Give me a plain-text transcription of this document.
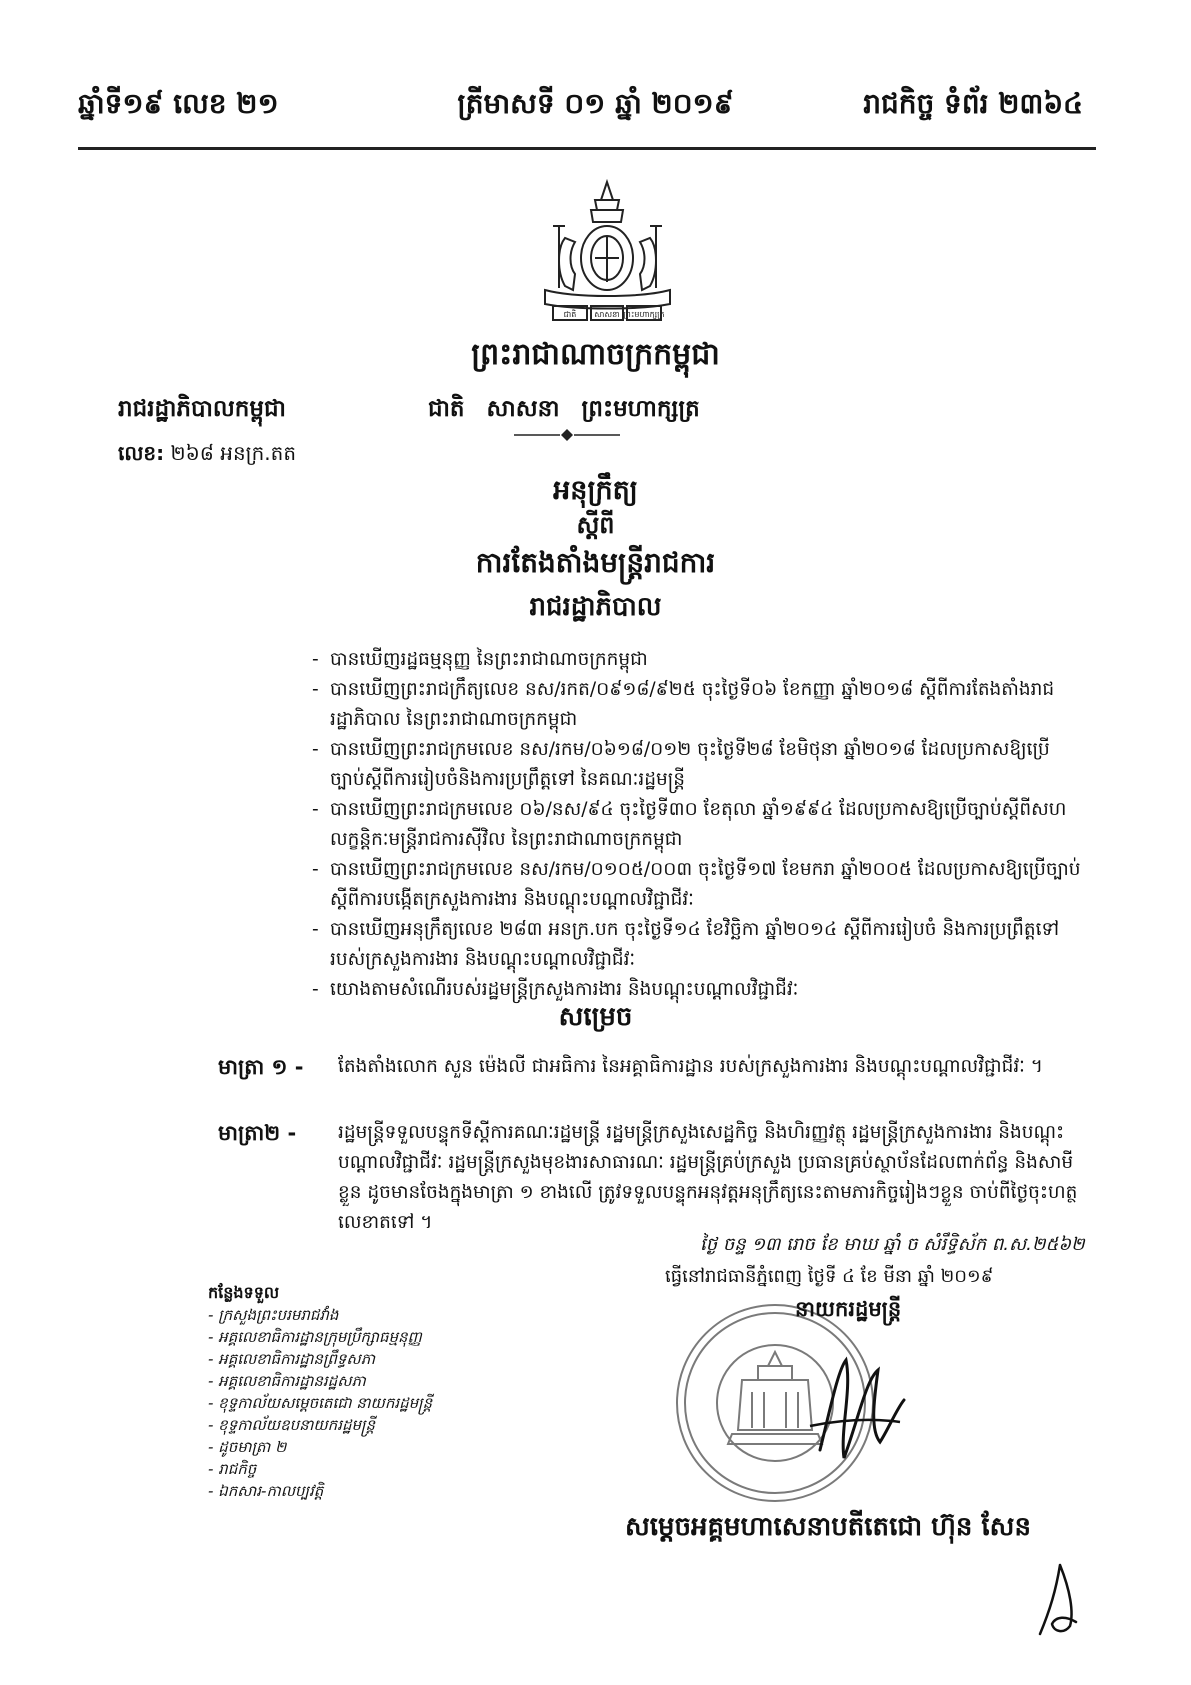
ឆ្នាំទី១៩ លេខ ២១	ត្រីមាសទី ០១ ឆ្នាំ ២០១៩	រាជកិច្ច ទំព័រ ២៣៦៤
ជាតិ សាសនា ព្រះមហាក្សត្រ
ព្រះរាជាណាចក្រកម្ពុជា
រាជរដ្ឋាភិបាលកម្ពុជា	ជាតិ សាសនា ព្រះមហាក្សត្រ
លេខ: ២៦៨ អនក្រ.តត
អនុក្រឹត្យ
ស្តីពី
ការតែងតាំងមន្ត្រីរាជការ
រាជរដ្ឋាភិបាល

- បានឃើញរដ្ឋធម្មនុញ្ញ នៃព្រះរាជាណាចក្រកម្ពុជា

- បានឃើញព្រះរាជក្រឹត្យលេខ នស/រកត/០៩១៨/៩២៥ ចុះថ្ងៃទី០៦ ខែកញ្ញា ឆ្នាំ២០១៨ ស្តីពីការតែងតាំងរាជរដ្ឋាភិបាល នៃព្រះរាជាណាចក្រកម្ពុជា

- បានឃើញព្រះរាជក្រមលេខ នស/រកម/០៦១៨/០១២ ចុះថ្ងៃទី២៨ ខែមិថុនា ឆ្នាំ២០១៨ ដែលប្រកាសឱ្យប្រើច្បាប់ស្តីពីការរៀបចំនិងការប្រព្រឹត្តទៅ នៃគណៈរដ្ឋមន្ត្រី

- បានឃើញព្រះរាជក្រមលេខ ០៦/នស/៩៤ ចុះថ្ងៃទី៣០ ខែតុលា ឆ្នាំ១៩៩៤ ដែលប្រកាសឱ្យប្រើច្បាប់ស្តីពីសហលក្ខន្តិកៈមន្ត្រីរាជការស៊ីវិល នៃព្រះរាជាណាចក្រកម្ពុជា

- បានឃើញព្រះរាជក្រមលេខ នស/រកម/០១០៥/០០៣ ចុះថ្ងៃទី១៧ ខែមករា ឆ្នាំ២០០៥ ដែលប្រកាសឱ្យប្រើច្បាប់ ស្តីពីការបង្កើតក្រសួងការងារ និងបណ្តុះបណ្តាលវិជ្ជាជីវៈ

- បានឃើញអនុក្រឹត្យលេខ ២៨៣ អនក្រ.បក ចុះថ្ងៃទី១៤ ខែវិច្ឆិកា ឆ្នាំ២០១៤ ស្តីពីការរៀបចំ និងការប្រព្រឹត្តទៅរបស់ក្រសួងការងារ និងបណ្តុះបណ្តាលវិជ្ជាជីវៈ

- យោងតាមសំណើរបស់រដ្ឋមន្ត្រីក្រសួងការងារ និងបណ្តុះបណ្តាលវិជ្ជាជីវៈ

សម្រេច
មាត្រា ១ - តែងតាំងលោក សួន ម៉េងលី ជាអធិការ នៃអគ្គាធិការដ្ឋាន របស់ក្រសួងការងារ និងបណ្តុះបណ្តាលវិជ្ជាជីវៈ ។
មាត្រា២ - រដ្ឋមន្ត្រីទទួលបន្ទុកទីស្តីការគណៈរដ្ឋមន្ត្រី រដ្ឋមន្ត្រីក្រសួងសេដ្ឋកិច្ច និងហិរញ្ញវត្ថុ រដ្ឋមន្ត្រីក្រសួងការងារ និងបណ្តុះបណ្តាលវិជ្ជាជីវៈ រដ្ឋមន្ត្រីក្រសួងមុខងារសាធារណៈ រដ្ឋមន្ត្រីគ្រប់ក្រសួង ប្រធានគ្រប់ស្ថាប័នដែលពាក់ព័ន្ធ និងសាមីខ្លួន ដូចមានចែងក្នុងមាត្រា ១ ខាងលើ ត្រូវទទួលបន្ទុកអនុវត្តអនុក្រឹត្យនេះតាមភារកិច្ចរៀងៗខ្លួន ចាប់ពីថ្ងៃចុះហត្ថលេខាតទៅ ។
ថ្ងៃ ចន្ទ ១៣ រោច ខែ មាឃ ឆ្នាំ ច សំរឹទ្ធិស័ក ព.ស.២៥៦២
ធ្វើនៅរាជធានីភ្នំពេញ ថ្ងៃទី ៤ ខែ មីនា ឆ្នាំ ២០១៩
កន្លែងទទួល
- ក្រសួងព្រះបរមរាជវាំង
- អគ្គលេខាធិការដ្ឋានក្រុមប្រឹក្សាធម្មនុញ្ញ
- អគ្គលេខាធិការដ្ឋានព្រឹទ្ធសភា
- អគ្គលេខាធិការដ្ឋានរដ្ឋសភា
- ខុទ្ទកាល័យសម្តេចតេជោ នាយករដ្ឋមន្ត្រី
- ខុទ្ទកាល័យឧបនាយករដ្ឋមន្ត្រី
- ដូចមាត្រា ២
- រាជកិច្ច
- ឯកសារ-កាលប្បវត្តិ
នាយករដ្ឋមន្ត្រី
សម្តេចអគ្គមហាសេនាបតីតេជោ ហ៊ុន សែន
